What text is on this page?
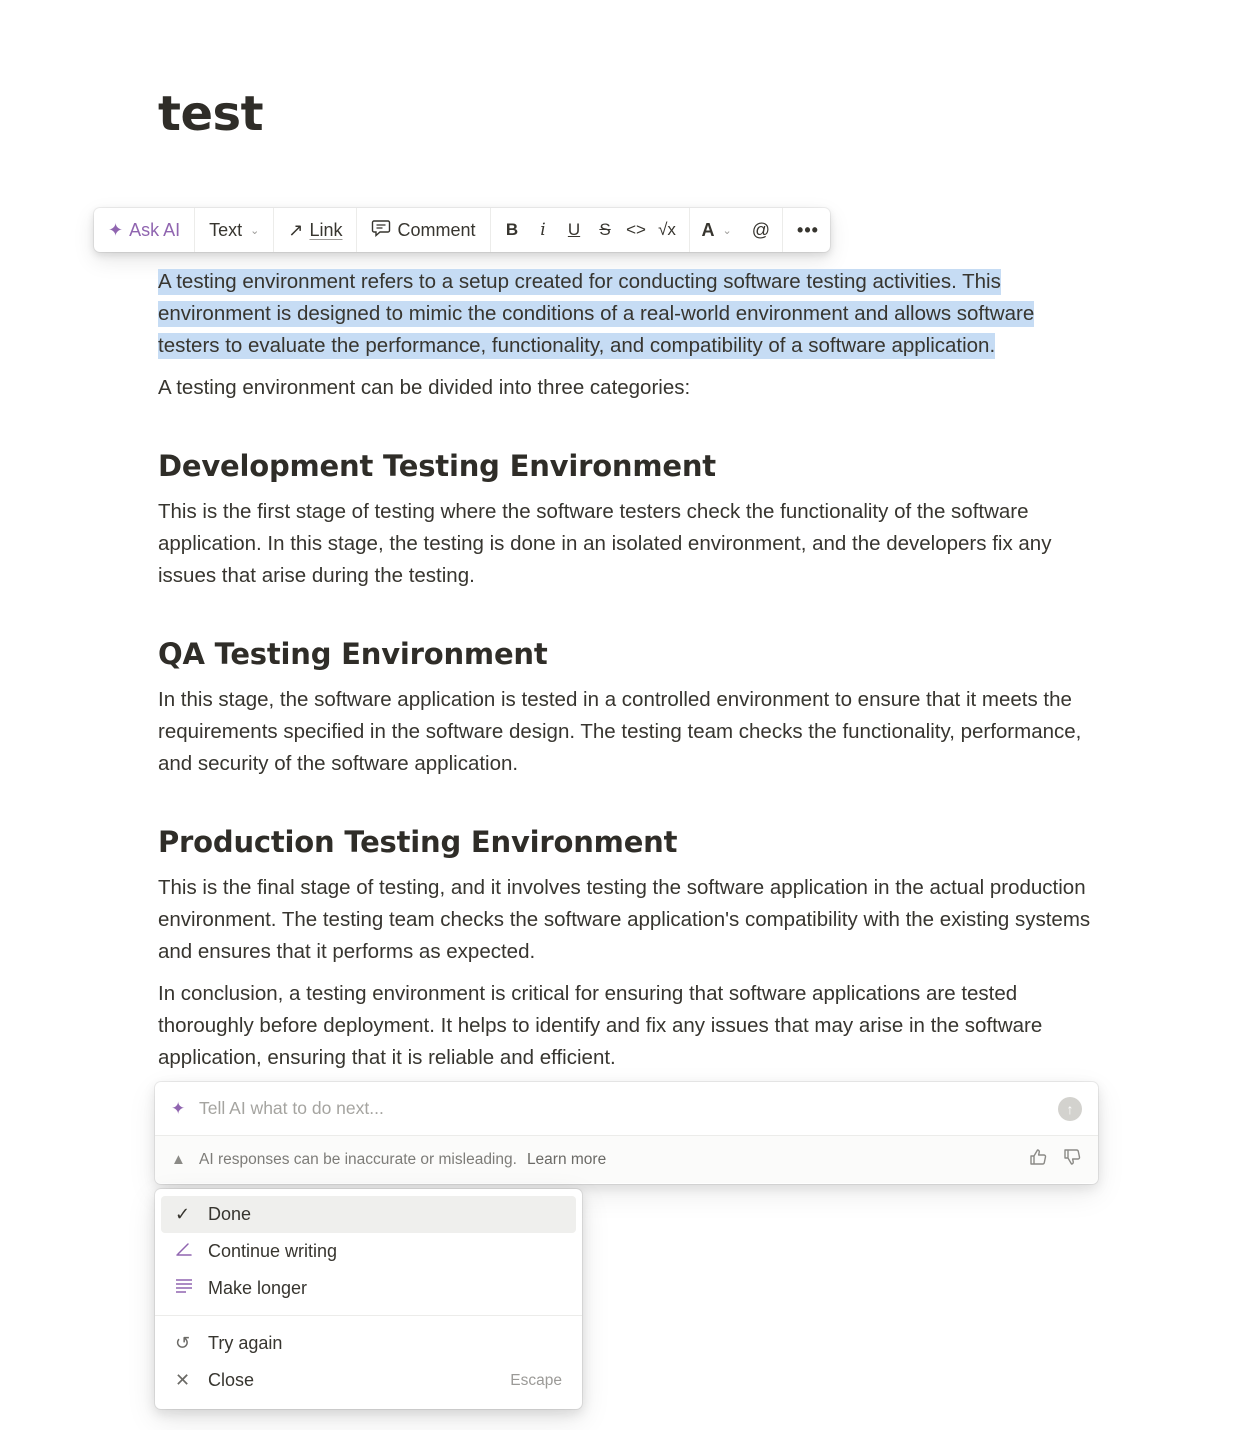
test
✦ Ask AI Text ⌄ ↗ Link	Comment	B	i	U	S <> √x	A ⌄ @ •••

A testing environment refers to a setup created for conducting software testing activities. This environment is designed to mimic the conditions of a real-world environment and allows software testers to evaluate the performance, functionality, and compatibility of a software application.

A testing environment can be divided into three categories:

Development Testing Environment

This is the first stage of testing where the software testers check the functionality of the software application. In this stage, the testing is done in an isolated environment, and the developers fix any issues that arise during the testing.

QA Testing Environment

In this stage, the software application is tested in a controlled environment to ensure that it meets the requirements specified in the software design. The testing team checks the functionality, performance, and security of the software application.

Production Testing Environment

This is the final stage of testing, and it involves testing the software application in the actual production environment. The testing team checks the software application's compatibility with the existing systems and ensures that it performs as expected.

In conclusion, a testing environment is critical for ensuring that software applications are tested thoroughly before deployment. It helps to identify and fix any issues that may arise in the software application, ensuring that it is reliable and efficient.

✦
Tell AI what to do next...	↑
▲ AI responses can be inaccurate or misleading. Learn more
✓ Done
Continue writing
Make longer
↺ Try again
✕ Close	Escape
